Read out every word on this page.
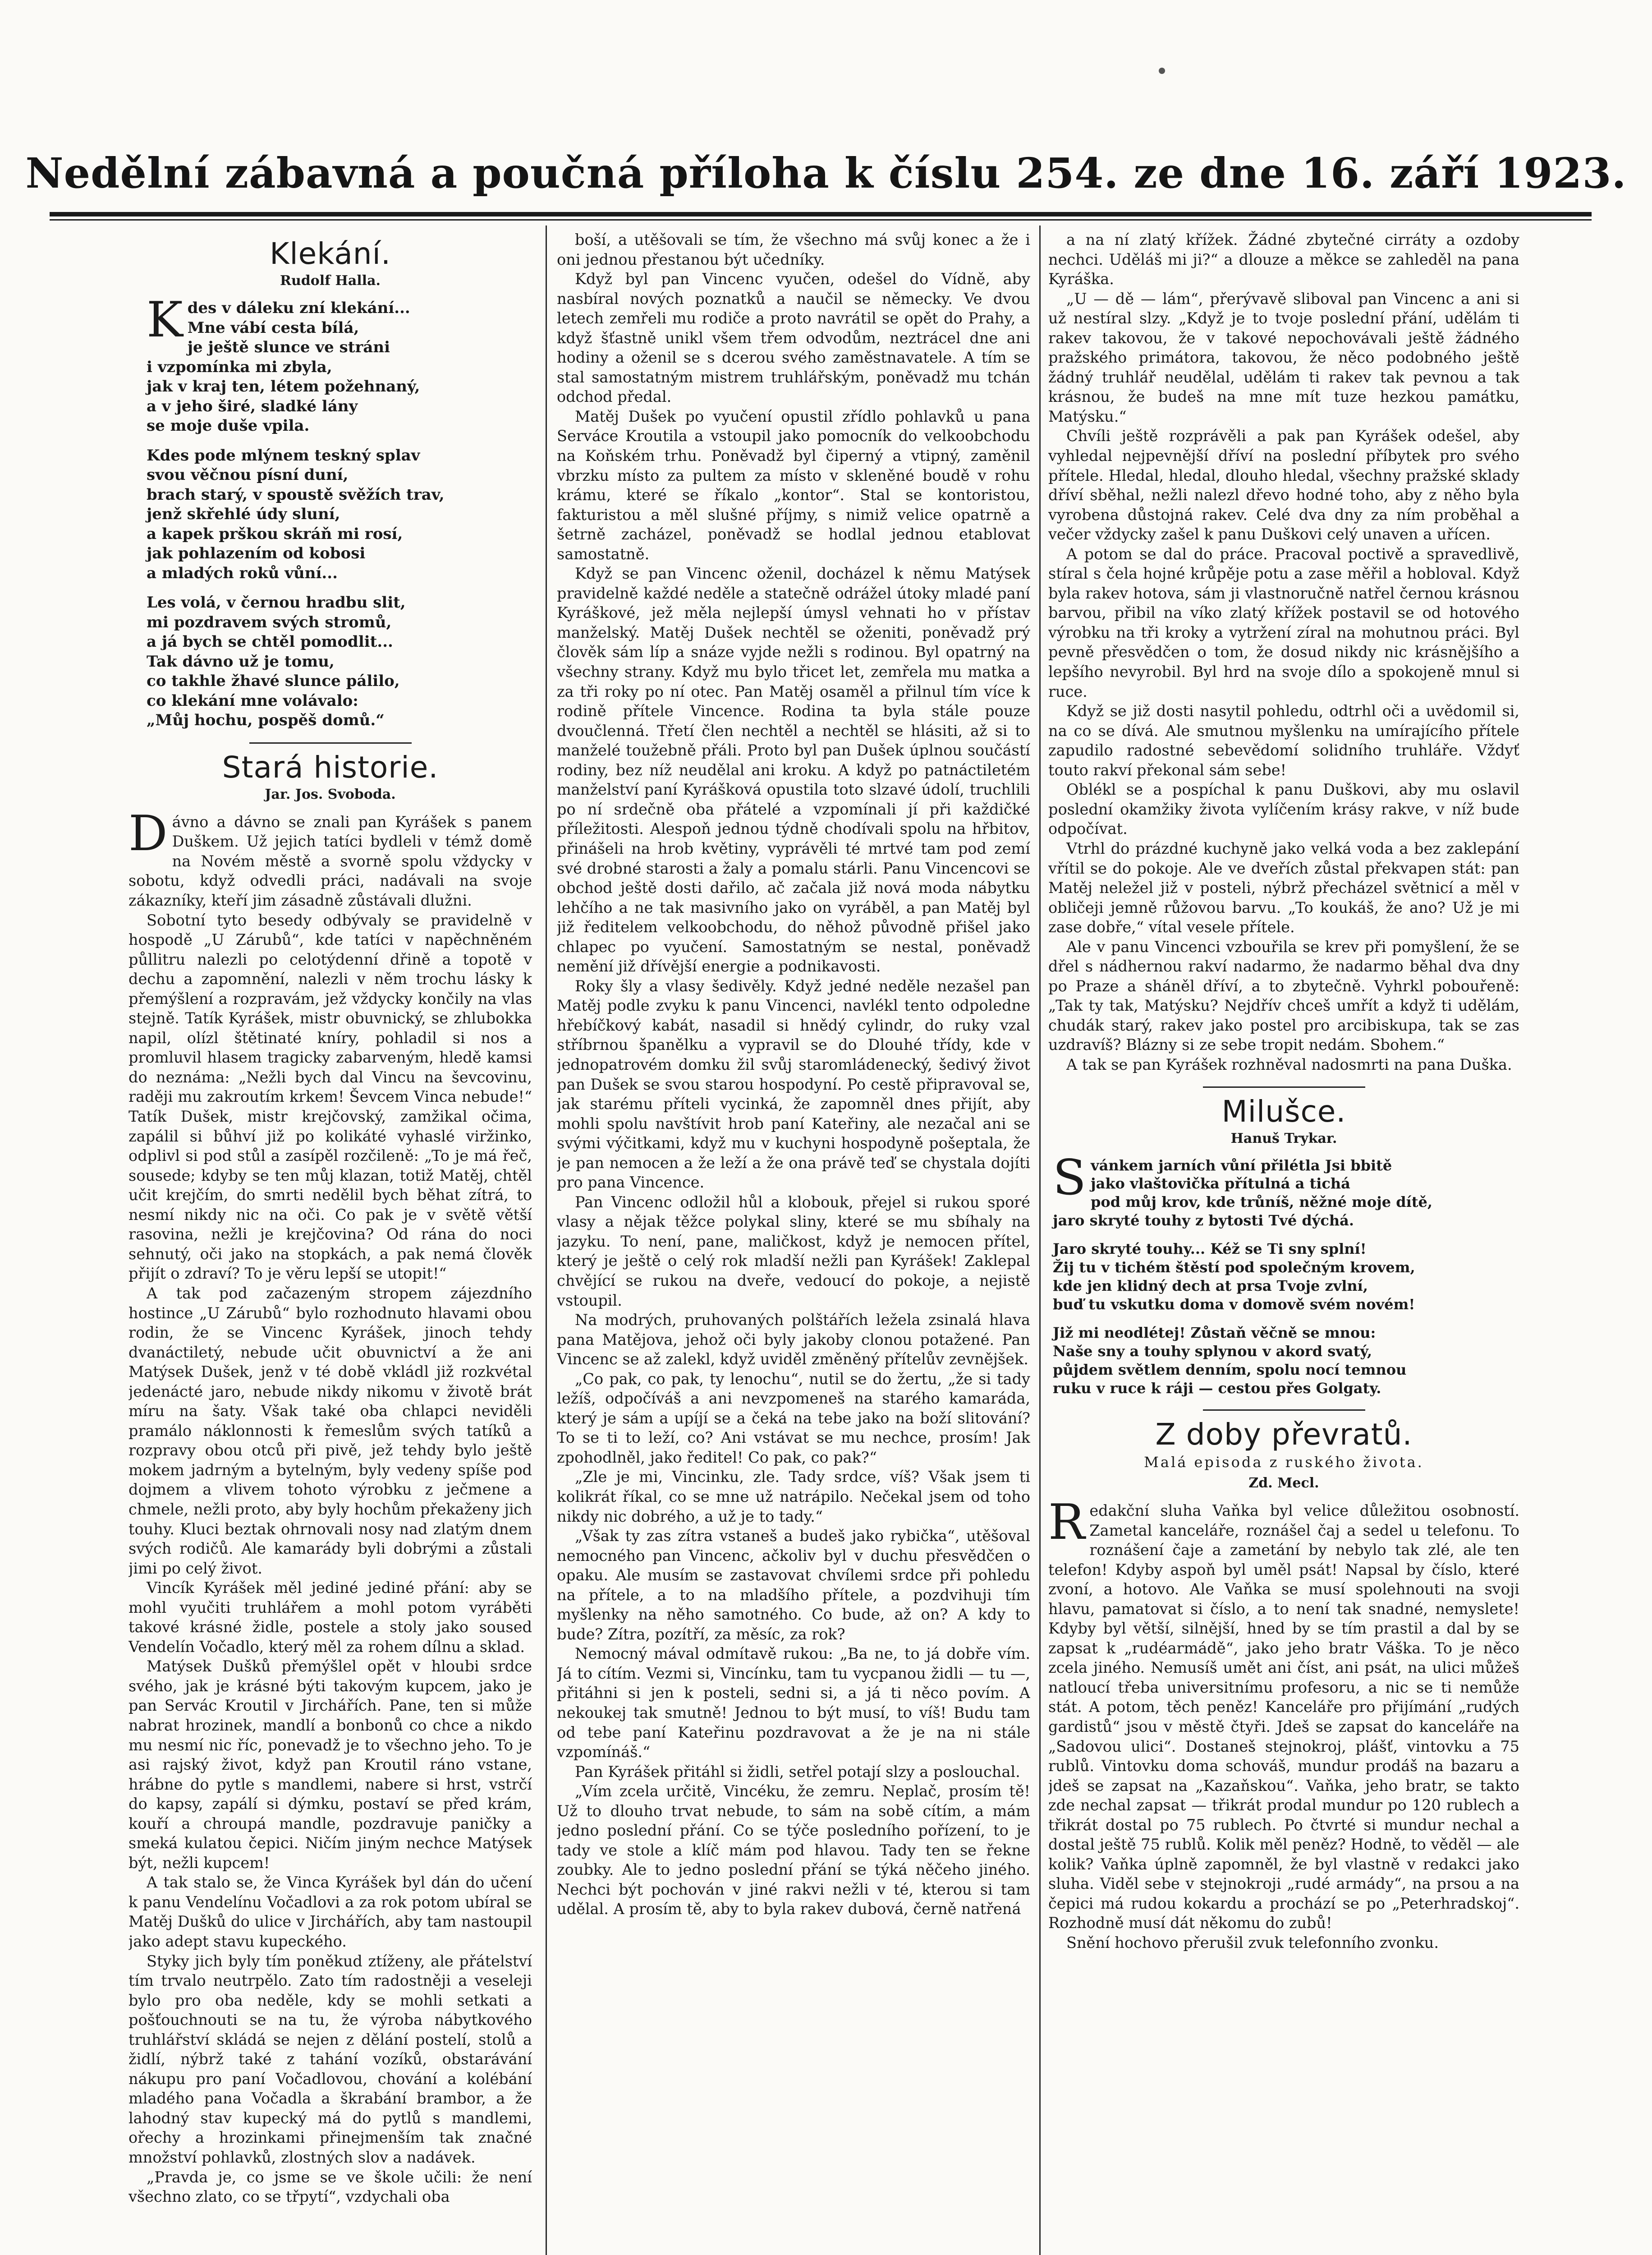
Nedělní zábavná a poučná příloha k číslu 254. ze dne 16. září 1923.
Klekání.
Rudolf Halla.
K des v dáleku zní klekání...
Mne vábí cesta bílá,
je ještě slunce ve stráni
i vzpomínka mi zbyla,
jak v kraj ten, létem požehnaný,
a v jeho širé, sladké lány
se moje duše vpila.

Kdes pode mlýnem teskný splav
svou věčnou písní duní,
brach starý, v spoustě svěžích trav,
jenž skřehlé údy sluní,
a kapek prškou skráň mi rosí,
jak pohlazením od kobosi
a mladých roků vůní...

Les volá, v černou hradbu slit,
mi pozdravem svých stromů,
a já bych se chtěl pomodlit...
Tak dávno už je tomu,
co takhle žhavé slunce pálilo,
co klekání mne volávalo:
„Můj hochu, pospěš domů.“

Stará historie.
Jar. Jos. Svoboda.

Dávno a dávno se znali pan Kyrášek s panem Duškem. Už jejich tatíci bydleli v témž domě na Novém městě a svorně spolu vždycky v sobotu, když odvedli práci, nadávali na svoje zákazníky, kteří jim zásadně zůstávali dlužni.

Sobotní tyto besedy odbývaly se pravidelně v hospodě „U Zárubů“, kde tatíci v napěchněném půllitru nalezli po celotýdenní dřině a topotě v dechu a zapomnění, nalezli v něm trochu lásky k přemýšlení a rozpravám, jež vždycky končily na vlas stejně. Tatík Kyrášek, mistr obuvnický, se zhlubokka napil, olízl štětinaté kníry, pohladil si nos a promluvil hlasem tragicky zabarveným, hledě kamsi do neznáma: „Nežli bych dal Vincu na ševcovinu, raději mu zakroutím krkem! Ševcem Vinca nebude!“ Tatík Dušek, mistr krejčovský, zamžikal očima, zapálil si bůhví již po kolikáté vyhaslé viržinko, odplivl si pod stůl a zasípěl rozčileně: „To je má řeč, sousede; kdyby se ten můj klazan, totiž Matěj, chtěl učit krejčím, do smrti nedělil bych běhat zítrá, to nesmí nikdy nic na oči. Co pak je v světě větší rasovina, nežli je krejčovina? Od rána do noci sehnutý, oči jako na stopkách, a pak nemá člověk přijít o zdraví? To je věru lepší se utopit!“

A tak pod začazeným stropem zájezdního hostince „U Zárubů“ bylo rozhodnuto hlavami obou rodin, že se Vincenc Kyrášek, jinoch tehdy dvanáctiletý, nebude učit obuvnictví a že ani Matýsek Dušek, jenž v té době vkládl již rozkvétal jedenácté jaro, nebude nikdy nikomu v životě brát míru na šaty. Však také oba chlapci neviděli pramálo náklonnosti k řemeslům svých tatíků a rozpravy obou otců při pivě, jež tehdy bylo ještě mokem jadrným a bytelným, byly vedeny spíše pod dojmem a vlivem tohoto výrobku z ječmene a chmele, nežli proto, aby byly hochům překaženy jich touhy. Kluci beztak ohrnovali nosy nad zlatým dnem svých rodičů. Ale kamarády byli dobrými a zůstali jimi po celý život.

Vincík Kyrášek měl jediné jediné přání: aby se mohl vyučiti truhlářem a mohl potom vyráběti takové krásné židle, postele a stoly jako soused Vendelín Vočadlo, který měl za rohem dílnu a sklad.

Matýsek Dušků přemýšlel opět v hloubi srdce svého, jak je krásné býti takovým kupcem, jako je pan Servác Kroutil v Jirchářích. Pane, ten si může nabrat hrozinek, mandlí a bonbonů co chce a nikdo mu nesmí nic říc, ponevadž je to všechno jeho. To je asi rajský život, když pan Kroutil ráno vstane, hrábne do pytle s mandlemi, nabere si hrst, vstrčí do kapsy, zapálí si dýmku, postaví se před krám, kouří a chroupá mandle, pozdravuje paničky a smeká kulatou čepici. Ničím jiným nechce Matýsek být, nežli kupcem!

A tak stalo se, že Vinca Kyrášek byl dán do učení k panu Vendelínu Vočadlovi a za rok potom ubíral se Matěj Dušků do ulice v Jirchářích, aby tam nastoupil jako adept stavu kupeckého.

Styky jich byly tím poněkud ztíženy, ale přátelství tím trvalo neutrpělo. Zato tím radostněji a veseleji bylo pro oba neděle, kdy se mohli setkati a pošťouchnouti se na tu, že výroba nábytkového truhlářství skládá se nejen z dělání postelí, stolů a židlí, nýbrž také z tahání vozíků, obstarávání nákupu pro paní Vočadlovou, chování a kolébání mladého pana Vočadla a škrabání brambor, a že lahodný stav kupecký má do pytlů s mandlemi, ořechy a hrozinkami přinejmenším tak značné množství pohlavků, zlostných slov a nadávek.

„Pravda je, co jsme se ve škole učili: že není všechno zlato, co se třpytí“, vzdychali oba

boší, a utěšovali se tím, že všechno má svůj konec a že i oni jednou přestanou být učedníky.

Když byl pan Vincenc vyučen, odešel do Vídně, aby nasbíral nových poznatků a naučil se německy. Ve dvou letech zemřeli mu rodiče a proto navrátil se opět do Prahy, a když šťastně unikl všem třem odvodům, neztrácel dne ani hodiny a oženil se s dcerou svého zaměstnavatele. A tím se stal samostatným mistrem truhlářským, poněvadž mu tchán odchod předal.

Matěj Dušek po vyučení opustil zřídlo pohlavků u pana Serváce Kroutila a vstoupil jako pomocník do velkoobchodu na Koňském trhu. Poněvadž byl čiperný a vtipný, zaměnil vbrzku místo za pultem za místo v skleněné boudě v rohu krámu, které se říkalo „kontor“. Stal se kontoristou, fakturistou a měl slušné příjmy, s nimiž velice opatrně a šetrně zacházel, poněvadž se hodlal jednou etablovat samostatně.

Když se pan Vincenc oženil, docházel k němu Matýsek pravidelně každé neděle a statečně odrážel útoky mladé paní Kyráškové, jež měla nejlepší úmysl vehnati ho v přístav manželský. Matěj Dušek nechtěl se oženiti, poněvadž prý člověk sám líp a snáze vyjde nežli s rodinou. Byl opatrný na všechny strany. Když mu bylo třicet let, zemřela mu matka a za tři roky po ní otec. Pan Matěj osaměl a přilnul tím více k rodině přítele Vincence. Rodina ta byla stále pouze dvoučlenná. Třetí člen nechtěl a nechtěl se hlásiti, až si to manželé toužebně přáli. Proto byl pan Dušek úplnou součástí rodiny, bez níž neudělal ani kroku. A když po patnáctiletém manželství paní Kyrášková opustila toto slzavé údolí, truchlili po ní srdečně oba přátelé a vzpomínali jí při každičké příležitosti. Alespoň jednou týdně chodívali spolu na hřbitov, přinášeli na hrob květiny, vyprávěli té mrtvé tam pod zemí své drobné starosti a žaly a pomalu stárli. Panu Vincencovi se obchod ještě dosti dařilo, ač začala již nová moda nábytku lehčího a ne tak masivního jako on vyráběl, a pan Matěj byl již ředitelem velkoobchodu, do něhož původně přišel jako chlapec po vyučení. Samostatným se nestal, poněvadž nemění již dřívější energie a podnikavosti.

Roky šly a vlasy šedivěly. Když jedné neděle nezašel pan Matěj podle zvyku k panu Vincenci, navlékl tento odpoledne hřebíčkový kabát, nasadil si hnědý cylindr, do ruky vzal stříbrnou španělku a vypravil se do Dlouhé třídy, kde v jednopatrovém domku žil svůj staromládenecký, šedivý život pan Dušek se svou starou hospodyní. Po cestě připravoval se, jak starému příteli vycinká, že zapomněl dnes přijít, aby mohli spolu navštívit hrob paní Kateřiny, ale nezačal ani se svými výčitkami, když mu v kuchyni hospodyně pošeptala, že je pan nemocen a že leží a že ona právě teď se chystala dojíti pro pana Vincence.

Pan Vincenc odložil hůl a klobouk, přejel si rukou sporé vlasy a nějak těžce polykal sliny, které se mu sbíhaly na jazyku. To není, pane, maličkost, když je nemocen přítel, který je ještě o celý rok mladší nežli pan Kyrášek! Zaklepal chvějící se rukou na dveře, vedoucí do pokoje, a nejistě vstoupil.

Na modrých, pruhovaných polštářích ležela zsinalá hlava pana Matějova, jehož oči byly jakoby clonou potažené. Pan Vincenc se až zalekl, když uviděl změněný přítelův zevnějšek.

„Co pak, co pak, ty lenochu“, nutil se do žertu, „že si tady ležíš, odpočíváš a ani nevzpomeneš na starého kamaráda, který je sám a upíjí se a čeká na tebe jako na boží slitování? To se ti to leží, co? Ani vstávat se mu nechce, prosím! Jak zpohodlněl, jako ředitel! Co pak, co pak?“

„Zle je mi, Vincinku, zle. Tady srdce, víš? Však jsem ti kolikrát říkal, co se mne už natrápilo. Nečekal jsem od toho nikdy nic dobrého, a už je to tady.“

„Však ty zas zítra vstaneš a budeš jako rybička“, utěšoval nemocného pan Vincenc, ačkoliv byl v duchu přesvědčen o opaku. Ale musím se zastavovat chvílemi srdce při pohledu na přítele, a to na mladšího přítele, a pozdvihuji tím myšlenky na něho samotného. Co bude, až on? A kdy to bude? Zítra, pozítří, za měsíc, za rok?

Nemocný mával odmítavě rukou: „Ba ne, to já dobře vím. Já to cítím. Vezmi si, Vincínku, tam tu vycpanou židli — tu —, přitáhni si jen k posteli, sedni si, a já ti něco povím. A nekoukej tak smutně! Jednou to být musí, to víš! Budu tam od tebe paní Kateřinu pozdravovat a že je na ni stále vzpomínáš.“

Pan Kyrášek přitáhl si židli, setřel potají slzy a poslouchal.

„Vím zcela určitě, Vincéku, že zemru. Neplač, prosím tě! Už to dlouho trvat nebude, to sám na sobě cítím, a mám jedno poslední přání. Co se týče posledního pořízení, to je tady ve stole a klíč mám pod hlavou. Tady ten se řekne zoubky. Ale to jedno poslední přání se týká něčeho jiného. Nechci být pochován v jiné rakvi nežli v té, kterou si tam udělal. A prosím tě, aby to byla rakev dubová, černě natřená

a na ní zlatý křížek. Žádné zbytečné cirráty a ozdoby nechci. Uděláš mi ji?“ a dlouze a měkce se zahleděl na pana Kyráška.

„U — dě — lám“, přerývavě sliboval pan Vincenc a ani si už nestíral slzy. „Když je to tvoje poslední přání, udělám ti rakev takovou, že v takové nepochovávali ještě žádného pražského primátora, takovou, že něco podobného ještě žádný truhlář neudělal, udělám ti rakev tak pevnou a tak krásnou, že budeš na mne mít tuze hezkou památku, Matýsku.“

Chvíli ještě rozprávěli a pak pan Kyrášek odešel, aby vyhledal nejpevnější dříví na poslední příbytek pro svého přítele. Hledal, hledal, dlouho hledal, všechny pražské sklady dříví sběhal, nežli nalezl dřevo hodné toho, aby z něho byla vyrobena důstojná rakev. Celé dva dny za ním proběhal a večer vždycky zašel k panu Duškovi celý unaven a uřícen.

A potom se dal do práce. Pracoval poctivě a spravedlivě, stíral s čela hojné krůpěje potu a zase měřil a hobloval. Když byla rakev hotova, sám ji vlastnoručně natřel černou krásnou barvou, přibil na víko zlatý křížek postavil se od hotového výrobku na tři kroky a vytržení zíral na mohutnou práci. Byl pevně přesvědčen o tom, že dosud nikdy nic krásnějšího a lepšího nevyrobil. Byl hrd na svoje dílo a spokojeně mnul si ruce.

Když se již dosti nasytil pohledu, odtrhl oči a uvědomil si, na co se dívá. Ale smutnou myšlenku na umírajícího přítele zapudilo radostné sebevědomí solidního truhláře. Vždyť touto rakví překonal sám sebe!

Oblékl se a pospíchal k panu Duškovi, aby mu oslavil poslední okamžiky života vylíčením krásy rakve, v níž bude odpočívat.

Vtrhl do prázdné kuchyně jako velká voda a bez zaklepání vřítil se do pokoje. Ale ve dveřích zůstal překvapen stát: pan Matěj neležel již v posteli, nýbrž přecházel světnicí a měl v obličeji jemně růžovou barvu. „To koukáš, že ano? Už je mi zase dobře,“ vítal vesele přítele.

Ale v panu Vincenci vzbouřila se krev při pomyšlení, že se dřel s nádhernou rakví nadarmo, že nadarmo běhal dva dny po Praze a sháněl dříví, a to zbytečně. Vyhrkl pobouřeně: „Tak ty tak, Matýsku? Nejdřív chceš umřít a když ti udělám, chudák starý, rakev jako postel pro arcibiskupa, tak se zas uzdravíš? Blázny si ze sebe tropit nedám. Sbohem.“

A tak se pan Kyrášek rozhněval nadosmrti na pana Duška.

Milušce.
Hanuš Trykar.
S vánkem jarních vůní přilétla Jsi bbitě
jako vlaštovička přítulná a tichá
pod můj krov, kde trůníš, něžné moje dítě,
jaro skryté touhy z bytosti Tvé dýchá.

Jaro skryté touhy... Kéž se Ti sny splní!
Žij tu v tichém štěstí pod společným krovem,
kde jen klidný dech at prsa Tvoje zvlní,
buď tu vskutku doma v domově svém novém!

Již mi neodlétej! Zůstaň věčně se mnou:
Naše sny a touhy splynou v akord svatý,
půjdem světlem denním, spolu nocí temnou
ruku v ruce k ráji — cestou přes Golgaty.

Z doby převratů.
Malá episoda z ruského života.
Zd. Mecl.

Redakční sluha Vaňka byl velice důležitou osobností. Zametal kanceláře, roznášel čaj a sedel u telefonu. To roznášení čaje a zametání by nebylo tak zlé, ale ten telefon! Kdyby aspoň byl uměl psát! Napsal by číslo, které zvoní, a hotovo. Ale Vaňka se musí spolehnouti na svoji hlavu, pamatovat si číslo, a to není tak snadné, nemyslete! Kdyby byl větší, silnější, hned by se tím prastil a dal by se zapsat k „rudéarmádě“, jako jeho bratr Váška. To je něco zcela jiného. Nemusíš umět ani číst, ani psát, na ulici můžeš natloucí třeba universitnímu profesoru, a nic se ti nemůže stát. A potom, těch peněz! Kanceláře pro přijímání „rudých gardistů“ jsou v městě čtyři. Jdeš se zapsat do kanceláře na „Sadovou ulici“. Dostaneš stejnokroj, plášť, vintovku a 75 rublů. Vintovku doma schováš, mundur prodáš na bazaru a jdeš se zapsat na „Kazaňskou“. Vaňka, jeho bratr, se takto zde nechal zapsat — třikrát prodal mundur po 120 rublech a třikrát dostal po 75 rublech. Po čtvrté si mundur nechal a dostal ještě 75 rublů. Kolik měl peněz? Hodně, to věděl — ale kolik? Vaňka úplně zapomněl, že byl vlastně v redakci jako sluha. Viděl sebe v stejnokroji „rudé armády“, na prsou a na čepici má rudou kokardu a prochází se po „Peterhradskoj“. Rozhodně musí dát někomu do zubů!

Snění hochovo přerušil zvuk telefonního zvonku.
